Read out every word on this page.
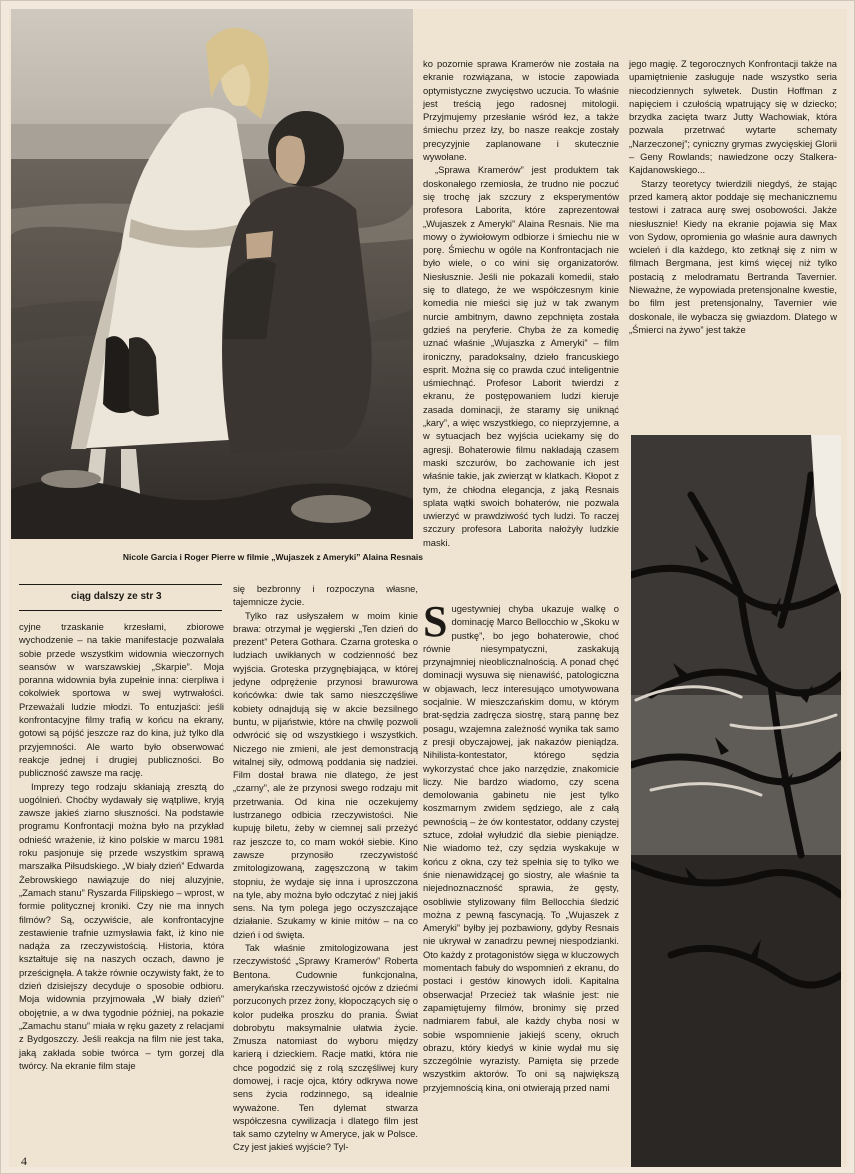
Nicole Garcia i Roger Pierre w filmie „Wujaszek z Ameryki” Alaina Resnais
ciąg dalszy ze str 3

cyjne trzaskanie krzesłami, zbiorowe wychodzenie – na takie manifestacje pozwalała sobie przede wszystkim widownia wieczornych seansów w warszawskiej „Skarpie”. Moja poranna widownia była zupełnie inna: cierpliwa i cokolwiek sportowa w swej wytrwałości. Przeważali ludzie młodzi. To entuzjaści: jeśli konfrontacyjne filmy trafią w końcu na ekrany, gotowi są pójść jeszcze raz do kina, już tylko dla przyjemności. Ale warto było obserwować reakcje jednej i drugiej publiczności. Bo publiczność zawsze ma rację.

Imprezy tego rodzaju skłaniają zresztą do uogólnień. Choćby wydawały się wątpliwe, kryją zawsze jakieś ziarno słuszności. Na podstawie programu Konfrontacji można było na przykład odnieść wrażenie, iż kino polskie w marcu 1981 roku pasjonuje się przede wszystkim sprawą marszałka Piłsudskiego. „W biały dzień” Edwarda Żebrowskiego nawiązuje do niej aluzyjnie, „Zamach stanu” Ryszarda Filipskiego – wprost, w formie politycznej kroniki. Czy nie ma innych filmów? Są, oczywiście, ale konfrontacyjne zestawienie trafnie uzmysławia fakt, iż kino nie nadąża za rzeczywistością. Historia, która kształtuje się na naszych oczach, dawno je prześcignęła. A także równie oczywisty fakt, że to dzień dzisiejszy decyduje o sposobie odbioru. Moja widownia przyjmowała „W biały dzień” obojętnie, a w dwa tygodnie później, na pokazie „Zamachu stanu” miała w ręku gazety z relacjami z Bydgoszczy. Jeśli reakcja na film nie jest taka, jaką zakłada sobie twórca – tym gorzej dla twórcy. Na ekranie film staje

się bezbronny i rozpoczyna własne, tajemnicze życie.

Tylko raz usłyszałem w moim kinie brawa: otrzymał je węgierski „Ten dzień do prezent” Petera Gothara. Czarna groteska o ludziach uwikłanych w codzienność bez wyjścia. Groteska przygnębiająca, w której jedyne odprężenie przynosi brawurowa końcówka: dwie tak samo nieszczęśliwe kobiety odnajdują się w akcie bezsilnego buntu, w pijaństwie, które na chwilę pozwoli odwrócić się od wszystkiego i wszystkich. Niczego nie zmieni, ale jest demonstracją witalnej siły, odmową poddania się nadziei. Film dostał brawa nie dlatego, że jest „czarny”, ale że przynosi swego rodzaju mit przetrwania. Od kina nie oczekujemy lustrzanego odbicia rzeczywistości. Nie kupuję biletu, żeby w ciemnej sali przeżyć raz jeszcze to, co mam wokół siebie. Kino zawsze przynosiło rzeczywistość zmitologizowaną, zagęszczoną w takim stopniu, że wydaje się inna i uproszczona na tyle, aby można było odczytać z niej jakiś sens. Na tym polega jego oczyszczające działanie. Szukamy w kinie mitów – na co dzień i od święta.

Tak właśnie zmitologizowana jest rzeczywistość „Sprawy Kramerów” Roberta Bentona. Cudownie funkcjonalna, amerykańska rzeczywistość ojców z dziećmi porzuconych przez żony, kłopoczących się o kolor pudełka proszku do prania. Świat dobrobytu maksymalnie ułatwia życie. Zmusza natomiast do wyboru między karierą i dzieckiem. Racje matki, która nie chce pogodzić się z rolą szczęśliwej kury domowej, i racje ojca, który odkrywa nowe sens życia rodzinnego, są idealnie wyważone. Ten dylemat stwarza współczesna cywilizacja i dlatego film jest tak samo czytelny w Ameryce, jak w Polsce. Czy jest jakieś wyjście? Tyl-

ko pozornie sprawa Kramerów nie została na ekranie rozwiązana, w istocie zapowiada optymistyczne zwycięstwo uczucia. To właśnie jest treścią jego radosnej mitologii. Przyjmujemy przesłanie wśród łez, a także śmiechu przez łzy, bo nasze reakcje zostały precyzyjnie zaplanowane i skutecznie wywołane.

„Sprawa Kramerów” jest produktem tak doskonałego rzemiosła, że trudno nie poczuć się trochę jak szczury z eksperymentów profesora Laborita, które zaprezentował „Wujaszek z Ameryki” Alaina Resnais. Nie ma mowy o żywiołowym odbiorze i śmiechu nie w porę. Śmiechu w ogóle na Konfrontacjach nie było wiele, o co wini się organizatorów. Niesłusznie. Jeśli nie pokazali komedii, stało się to dlatego, że we współczesnym kinie komedia nie mieści się już w tak zwanym nurcie ambitnym, dawno zepchnięta została gdzieś na peryferie. Chyba że za komedię uznać właśnie „Wujaszka z Ameryki” – film ironiczny, paradoksalny, dzieło francuskiego esprit. Można się co prawda czuć inteligentnie uśmiechnąć. Profesor Laborit twierdzi z ekranu, że postępowaniem ludzi kieruje zasada dominacji, że staramy się uniknąć „kary”, a więc wszystkiego, co nieprzyjemne, a w sytuacjach bez wyjścia uciekamy się do agresji. Bohaterowie filmu nakładają czasem maski szczurów, bo zachowanie ich jest właśnie takie, jak zwierząt w klatkach. Kłopot z tym, że chłodna elegancja, z jaką Resnais splata wątki swoich bohaterów, nie pozwala uwierzyć w prawdziwość tych ludzi. To raczej szczury profesora Laborita nałożyły ludzkie maski.

Sugestywniej chyba ukazuje walkę o dominację Marco Bellocchio w „Skoku w pustkę”, bo jego bohaterowie, choć równie niesympatyczni, zaskakują przynajmniej nieoblicznalnością. A ponad chęć dominacji wysuwa się nienawiść, patologiczna w objawach, lecz interesująco umotywowana socjalnie. W mieszczańskim domu, w którym brat-sędzia zadręcza siostrę, starą pannę bez posagu, wzajemna zależność wynika tak samo z presji obyczajowej, jak nakazów pieniądza. Nihilista-kontestator, którego sędzia wykorzystać chce jako narzędzie, znakomicie liczy. Nie bardzo wiadomo, czy scena demolowania gabinetu nie jest tylko koszmarnym zwidem sędziego, ale z całą pewnością – że ów kontestator, oddany czystej sztuce, zdołał wyłudzić dla siebie pieniądze. Nie wiadomo też, czy sędzia wyskakuje w końcu z okna, czy też spełnia się to tylko we śnie nienawidzącej go siostry, ale właśnie ta niejednoznaczność sprawia, że gęsty, osobliwie stylizowany film Bellocchia śledzić można z pewną fascynacją. To „Wujaszek z Ameryki” byłby jej pozbawiony, gdyby Resnais nie ukrywał w zanadrzu pewnej niespodzianki. Oto każdy z protagonistów sięga w kluczowych momentach fabuły do wspomnień z ekranu, do postaci i gestów kinowych idoli. Kapitalna obserwacja! Przecież tak właśnie jest: nie zapamiętujemy filmów, bronimy się przed nadmiarem fabuł, ale każdy chyba nosi w sobie wspomnienie jakiejś sceny, okruch obrazu, który kiedyś w kinie wydał mu się szczególnie wyrazisty. Pamięta się przede wszystkim aktorów. To oni są największą przyjemnością kina, oni otwierają przed nami

jego magię. Z tegorocznych Konfrontacji także na upamiętnienie zasługuje nade wszystko seria niecodziennych sylwetek. Dustin Hoffman z napięciem i czułością wpatrujący się w dziecko; brzydka zacięta twarz Jutty Wachowiak, która pozwala przetrwać wytarte schematy „Narzeczonej”; cyniczny grymas zwycięskiej Glorii – Geny Rowlands; nawiedzone oczy Stalkera-Kajdanowskiego...

Starzy teoretycy twierdzili niegdyś, że stając przed kamerą aktor poddaje się mechanicznemu testowi i zatraca aurę swej osobowości. Jakże niesłusznie! Kiedy na ekranie pojawia się Max von Sydow, opromienia go właśnie aura dawnych wcieleń i dla każdego, kto zetknął się z nim w filmach Bergmana, jest kimś więcej niż tylko postacią z melodramatu Bertranda Tavernier. Nieważne, że wypowiada pretensjonalne kwestie, bo film jest pretensjonalny, Tavernier wie doskonale, ile wybacza się gwiazdom. Dlatego w „Śmierci na żywo” jest także

4
